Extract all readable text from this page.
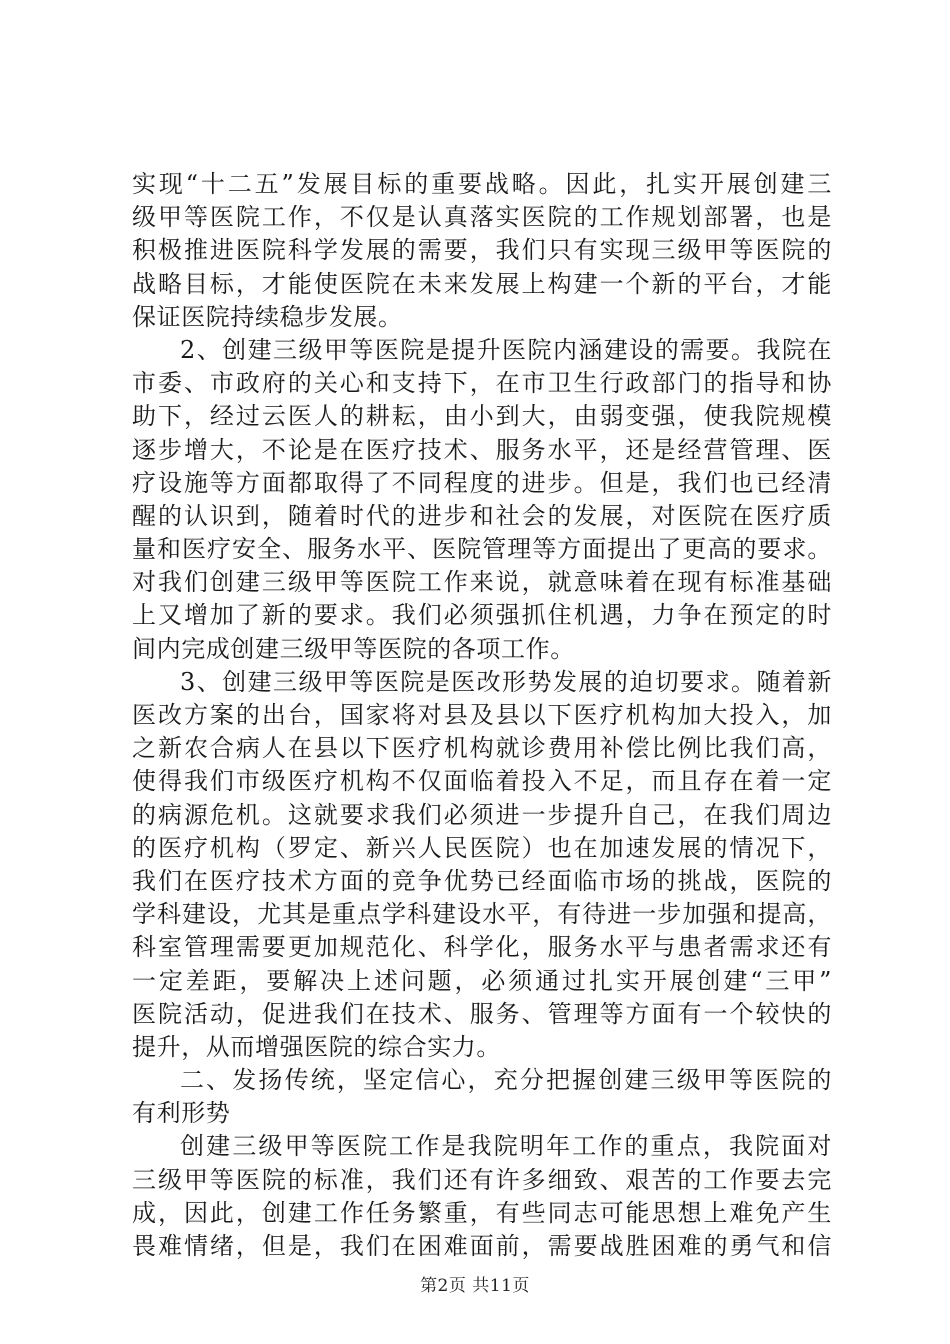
实现“十二五”发展目标的重要战略。因此，扎实开展创建三
级甲等医院工作，不仅是认真落实医院的工作规划部署，也是
积极推进医院科学发展的需要，我们只有实现三级甲等医院的
战略目标，才能使医院在未来发展上构建一个新的平台，才能
保证医院持续稳步发展。
2、创建三级甲等医院是提升医院内涵建设的需要。我院在
市委、市政府的关心和支持下，在市卫生行政部门的指导和协
助下，经过云医人的耕耘，由小到大，由弱变强，使我院规模
逐步增大，不论是在医疗技术、服务水平，还是经营管理、医
疗设施等方面都取得了不同程度的进步。但是，我们也已经清
醒的认识到，随着时代的进步和社会的发展，对医院在医疗质
量和医疗安全、服务水平、医院管理等方面提出了更高的要求。
对我们创建三级甲等医院工作来说，就意味着在现有标准基础
上又增加了新的要求。我们必须强抓住机遇，力争在预定的时
间内完成创建三级甲等医院的各项工作。
3、创建三级甲等医院是医改形势发展的迫切要求。随着新
医改方案的出台，国家将对县及县以下医疗机构加大投入，加
之新农合病人在县以下医疗机构就诊费用补偿比例比我们高，
使得我们市级医疗机构不仅面临着投入不足，而且存在着一定
的病源危机。这就要求我们必须进一步提升自己，在我们周边
的医疗机构（罗定、新兴人民医院）也在加速发展的情况下，
我们在医疗技术方面的竞争优势已经面临市场的挑战，医院的
学科建设，尤其是重点学科建设水平，有待进一步加强和提高，
科室管理需要更加规范化、科学化，服务水平与患者需求还有
一定差距，要解决上述问题，必须通过扎实开展创建“三甲”
医院活动，促进我们在技术、服务、管理等方面有一个较快的
提升，从而增强医院的综合实力。
二、发扬传统，坚定信心，充分把握创建三级甲等医院的
有利形势
创建三级甲等医院工作是我院明年工作的重点，我院面对
三级甲等医院的标准，我们还有许多细致、艰苦的工作要去完
成，因此，创建工作任务繁重，有些同志可能思想上难免产生
畏难情绪，但是，我们在困难面前，需要战胜困难的勇气和信
第2页 共11页
